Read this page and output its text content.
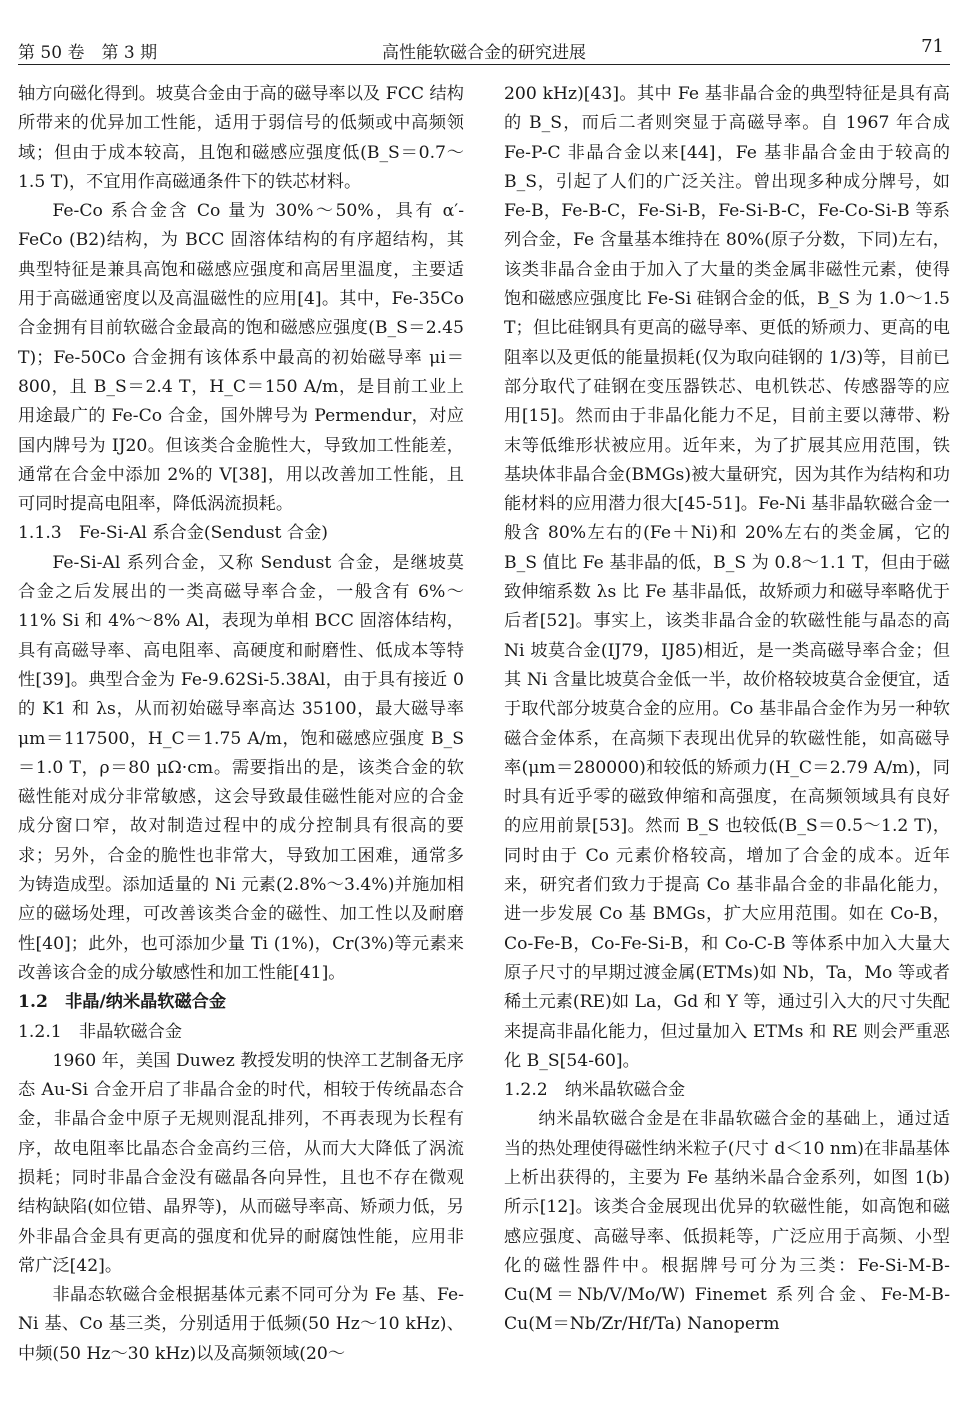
第 50 卷　第 3 期	高性能软磁合金的研究进展	71

轴方向磁化得到。坡莫合金由于高的磁导率以及 FCC 结构所带来的优异加工性能，适用于弱信号的低频或中高频领域；但由于成本较高，且饱和磁感应强度低(B_S＝0.7～1.5 T)，不宜用作高磁通条件下的铁芯材料。

Fe-Co 系合金含 Co 量为 30%～50%，具有 α′-FeCo (B2)结构，为 BCC 固溶体结构的有序超结构，其典型特征是兼具高饱和磁感应强度和高居里温度，主要适用于高磁通密度以及高温磁性的应用[4]。其中，Fe-35Co合金拥有目前软磁合金最高的饱和磁感应强度(B_S＝2.45 T)；Fe-50Co 合金拥有该体系中最高的初始磁导率 μi＝800，且 B_S＝2.4 T，H_C＝150 A/m，是目前工业上用途最广的 Fe-Co 合金，国外牌号为 Permendur，对应国内牌号为 IJ20。但该类合金脆性大，导致加工性能差，通常在合金中添加 2%的 V[38]，用以改善加工性能，且可同时提高电阻率，降低涡流损耗。

1.1.3　Fe-Si-Al 系合金(Sendust 合金)

Fe-Si-Al 系列合金，又称 Sendust 合金，是继坡莫合金之后发展出的一类高磁导率合金，一般含有 6%～11% Si 和 4%～8% Al，表现为单相 BCC 固溶体结构，具有高磁导率、高电阻率、高硬度和耐磨性、低成本等特性[39]。典型合金为 Fe-9.62Si-5.38Al，由于具有接近 0 的 K1 和 λs，从而初始磁导率高达 35100，最大磁导率 μm＝117500，H_C＝1.75 A/m，饱和磁感应强度 B_S＝1.0 T，ρ＝80 μΩ·cm。需要指出的是，该类合金的软磁性能对成分非常敏感，这会导致最佳磁性能对应的合金成分窗口窄，故对制造过程中的成分控制具有很高的要求；另外，合金的脆性也非常大，导致加工困难，通常多为铸造成型。添加适量的 Ni 元素(2.8%～3.4%)并施加相应的磁场处理，可改善该类合金的磁性、加工性以及耐磨性[40]；此外，也可添加少量 Ti (1%)，Cr(3%)等元素来改善该合金的成分敏感性和加工性能[41]。

1.2　非晶/纳米晶软磁合金
1.2.1　非晶软磁合金

1960 年，美国 Duwez 教授发明的快淬工艺制备无序态 Au-Si 合金开启了非晶合金的时代，相较于传统晶态合金，非晶合金中原子无规则混乱排列，不再表现为长程有序，故电阻率比晶态合金高约三倍，从而大大降低了涡流损耗；同时非晶合金没有磁晶各向异性，且也不存在微观结构缺陷(如位错、晶界等)，从而磁导率高、矫顽力低，另外非晶合金具有更高的强度和优异的耐腐蚀性能，应用非常广泛[42]。

非晶态软磁合金根据基体元素不同可分为 Fe 基、Fe-Ni 基、Co 基三类，分别适用于低频(50 Hz～10 kHz)、中频(50 Hz～30 kHz)以及高频领域(20～

200 kHz)[43]。其中 Fe 基非晶合金的典型特征是具有高的 B_S，而后二者则突显于高磁导率。自 1967 年合成 Fe-P-C 非晶合金以来[44]，Fe 基非晶合金由于较高的 B_S，引起了人们的广泛关注。曾出现多种成分牌号，如 Fe-B，Fe-B-C，Fe-Si-B，Fe-Si-B-C，Fe-Co-Si-B 等系列合金，Fe 含量基本维持在 80%(原子分数，下同)左右，该类非晶合金由于加入了大量的类金属非磁性元素，使得饱和磁感应强度比 Fe-Si 硅钢合金的低，B_S 为 1.0～1.5 T；但比硅钢具有更高的磁导率、更低的矫顽力、更高的电阻率以及更低的能量损耗(仅为取向硅钢的 1/3)等，目前已部分取代了硅钢在变压器铁芯、电机铁芯、传感器等的应用[15]。然而由于非晶化能力不足，目前主要以薄带、粉末等低维形状被应用。近年来，为了扩展其应用范围，铁基块体非晶合金(BMGs)被大量研究，因为其作为结构和功能材料的应用潜力很大[45-51]。Fe-Ni 基非晶软磁合金一般含 80%左右的(Fe＋Ni)和 20%左右的类金属，它的 B_S 值比 Fe 基非晶的低，B_S 为 0.8～1.1 T，但由于磁致伸缩系数 λs 比 Fe 基非晶低，故矫顽力和磁导率略优于后者[52]。事实上，该类非晶合金的软磁性能与晶态的高 Ni 坡莫合金(IJ79，IJ85)相近，是一类高磁导率合金；但其 Ni 含量比坡莫合金低一半，故价格较坡莫合金便宜，适于取代部分坡莫合金的应用。Co 基非晶合金作为另一种软磁合金体系，在高频下表现出优异的软磁性能，如高磁导率(μm＝280000)和较低的矫顽力(H_C＝2.79 A/m)，同时具有近乎零的磁致伸缩和高强度，在高频领域具有良好的应用前景[53]。然而 B_S 也较低(B_S＝0.5～1.2 T)，同时由于 Co 元素价格较高，增加了合金的成本。近年来，研究者们致力于提高 Co 基非晶合金的非晶化能力，进一步发展 Co 基 BMGs，扩大应用范围。如在 Co-B，Co-Fe-B，Co-Fe-Si-B，和 Co-C-B 等体系中加入大量大原子尺寸的早期过渡金属(ETMs)如 Nb，Ta，Mo 等或者稀土元素(RE)如 La，Gd 和 Y 等，通过引入大的尺寸失配来提高非晶化能力，但过量加入 ETMs 和 RE 则会严重恶化 B_S[54-60]。

1.2.2　纳米晶软磁合金

纳米晶软磁合金是在非晶软磁合金的基础上，通过适当的热处理使得磁性纳米粒子(尺寸 d＜10 nm)在非晶基体上析出获得的，主要为 Fe 基纳米晶合金系列，如图 1(b)所示[12]。该类合金展现出优异的软磁性能，如高饱和磁感应强度、高磁导率、低损耗等，广泛应用于高频、小型化的磁性器件中。根据牌号可分为三类：Fe-Si-M-B-Cu(M＝Nb/V/Mo/W) Finemet 系列合金、Fe-M-B-Cu(M＝Nb/Zr/Hf/Ta) Nanoperm
